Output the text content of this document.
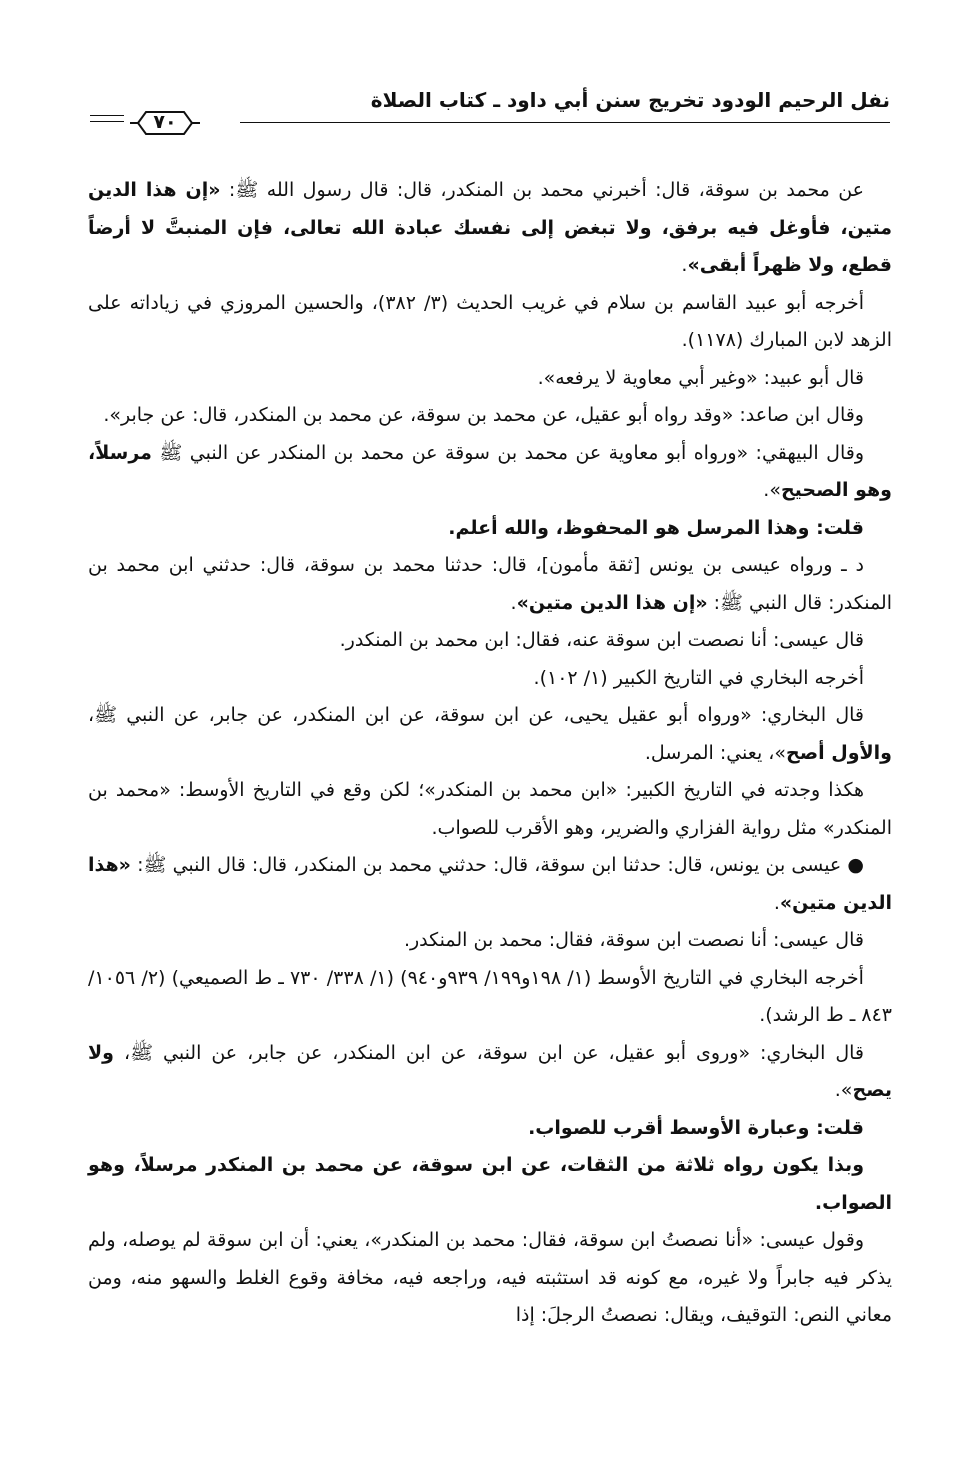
نفل الرحيم الودود تخريج سنن أبي داود ـ كتاب الصلاة
٧٠

عن محمد بن سوقة، قال: أخبرني محمد بن المنكدر، قال: قال رسول الله ﷺ: «إن هذا الدين متين، فأوغل فيه برفق، ولا تبغض إلى نفسك عبادة الله تعالى، فإن المنبتَّ لا أرضاً قطع، ولا ظهراً أبقى».

أخرجه أبو عبيد القاسم بن سلام في غريب الحديث (٣/ ٣٨٢)، والحسين المروزي في زياداته على الزهد لابن المبارك (١١٧٨).

قال أبو عبيد: «وغير أبي معاوية لا يرفعه».

وقال ابن صاعد: «وقد رواه أبو عقيل، عن محمد بن سوقة، عن محمد بن المنكدر، قال: عن جابر».

وقال البيهقي: «ورواه أبو معاوية عن محمد بن سوقة عن محمد بن المنكدر عن النبي ﷺ مرسلاً، وهو الصحيح».

قلت: وهذا المرسل هو المحفوظ، والله أعلم.

د ـ ورواه عيسى بن يونس [ثقة مأمون]، قال: حدثنا محمد بن سوقة، قال: حدثني ابن محمد بن المنكدر: قال النبي ﷺ: «إن هذا الدين متين».

قال عيسى: أنا نصصت ابن سوقة عنه، فقال: ابن محمد بن المنكدر.

أخرجه البخاري في التاريخ الكبير (١/ ١٠٢).

قال البخاري: «ورواه أبو عقيل يحيى، عن ابن سوقة، عن ابن المنكدر، عن جابر، عن النبي ﷺ، والأول أصح»، يعني: المرسل.

هكذا وجدته في التاريخ الكبير: «ابن محمد بن المنكدر»؛ لكن وقع في التاريخ الأوسط: «محمد بن المنكدر» مثل رواية الفزاري والضرير، وهو الأقرب للصواب.

● عيسى بن يونس، قال: حدثنا ابن سوقة، قال: حدثني محمد بن المنكدر، قال: قال النبي ﷺ: «هذا الدين متين».

قال عيسى: أنا نصصت ابن سوقة، فقال: محمد بن المنكدر.

أخرجه البخاري في التاريخ الأوسط (١/ ١٩٨و١٩٩/ ٩٣٩و٩٤٠) (١/ ٣٣٨/ ٧٣٠ ـ ط الصميعي) (٢/ ١٠٥٦/ ٨٤٣ ـ ط الرشد).

قال البخاري: «وروى أبو عقيل، عن ابن سوقة، عن ابن المنكدر، عن جابر، عن النبي ﷺ، ولا يصح».

قلت: وعبارة الأوسط أقرب للصواب.

وبذا يكون رواه ثلاثة من الثقات، عن ابن سوقة، عن محمد بن المنكدر مرسلاً، وهو الصواب.

وقول عيسى: «أنا نصصتُ ابن سوقة، فقال: محمد بن المنكدر»، يعني: أن ابن سوقة لم يوصله، ولم يذكر فيه جابراً ولا غيره، مع كونه قد استثبته فيه، وراجعه فيه، مخافة وقوع الغلط والسهو منه، ومن معاني النص: التوقيف، ويقال: نصصتُ الرجلَ: إذا
